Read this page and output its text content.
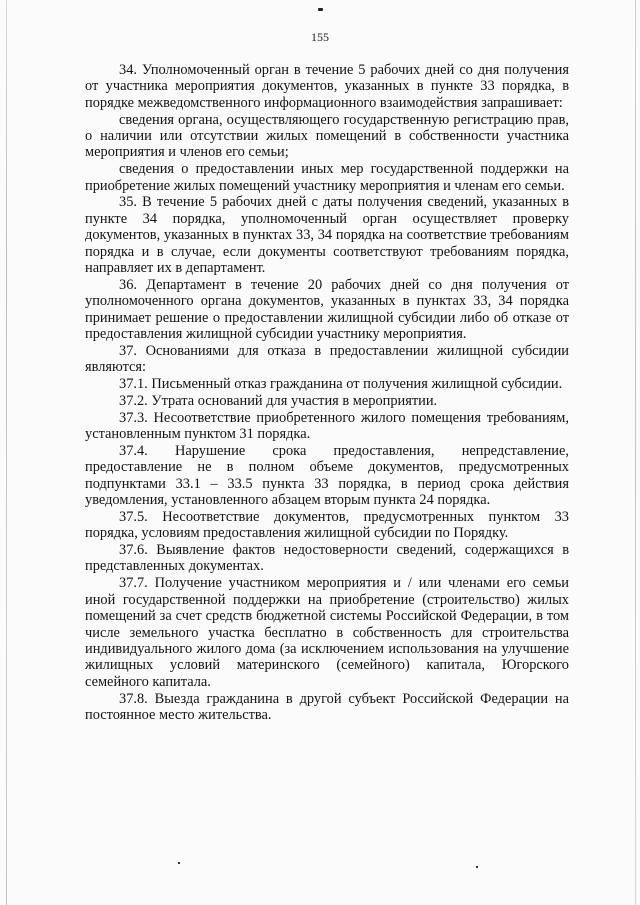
155

34. Уполномоченный орган в течение 5 рабочих дней со дня получения от участника мероприятия документов, указанных в пункте 33 порядка, в порядке межведомственного информационного взаимодействия запрашивает:

сведения органа, осуществляющего государственную регистрацию прав, о наличии или отсутствии жилых помещений в собственности участника мероприятия и членов его семьи;

сведения о предоставлении иных мер государственной поддержки на приобретение жилых помещений участнику мероприятия и членам его семьи.

35. В течение 5 рабочих дней с даты получения сведений, указанных в пункте 34 порядка, уполномоченный орган осуществляет проверку документов, указанных в пунктах 33, 34 порядка на соответствие требованиям порядка и в случае, если документы соответствуют требованиям порядка, направляет их в департамент.

36. Департамент в течение 20 рабочих дней со дня получения от уполномоченного органа документов, указанных в пунктах 33, 34 порядка принимает решение о предоставлении жилищной субсидии либо об отказе от предоставления жилищной субсидии участнику мероприятия.

37. Основаниями для отказа в предоставлении жилищной субсидии являются:

37.1. Письменный отказ гражданина от получения жилищной субсидии.

37.2. Утрата оснований для участия в мероприятии.

37.3. Несоответствие приобретенного жилого помещения требованиям, установленным пунктом 31 порядка.

37.4. Нарушение срока предоставления, непредставление, предоставление не в полном объеме документов, предусмотренных подпунктами 33.1 – 33.5 пункта 33 порядка, в период срока действия уведомления, установленного абзацем вторым пункта 24 порядка.

37.5. Несоответствие документов, предусмотренных пунктом 33 порядка, условиям предоставления жилищной субсидии по Порядку.

37.6. Выявление фактов недостоверности сведений, содержащихся в представленных документах.

37.7. Получение участником мероприятия и / или членами его семьи иной государственной поддержки на приобретение (строительство) жилых помещений за счет средств бюджетной системы Российской Федерации, в том числе земельного участка бесплатно в собственность для строительства индивидуального жилого дома (за исключением использования на улучшение жилищных условий материнского (семейного) капитала, Югорского семейного капитала.

37.8. Выезда гражданина в другой субъект Российской Федерации на постоянное место жительства.
